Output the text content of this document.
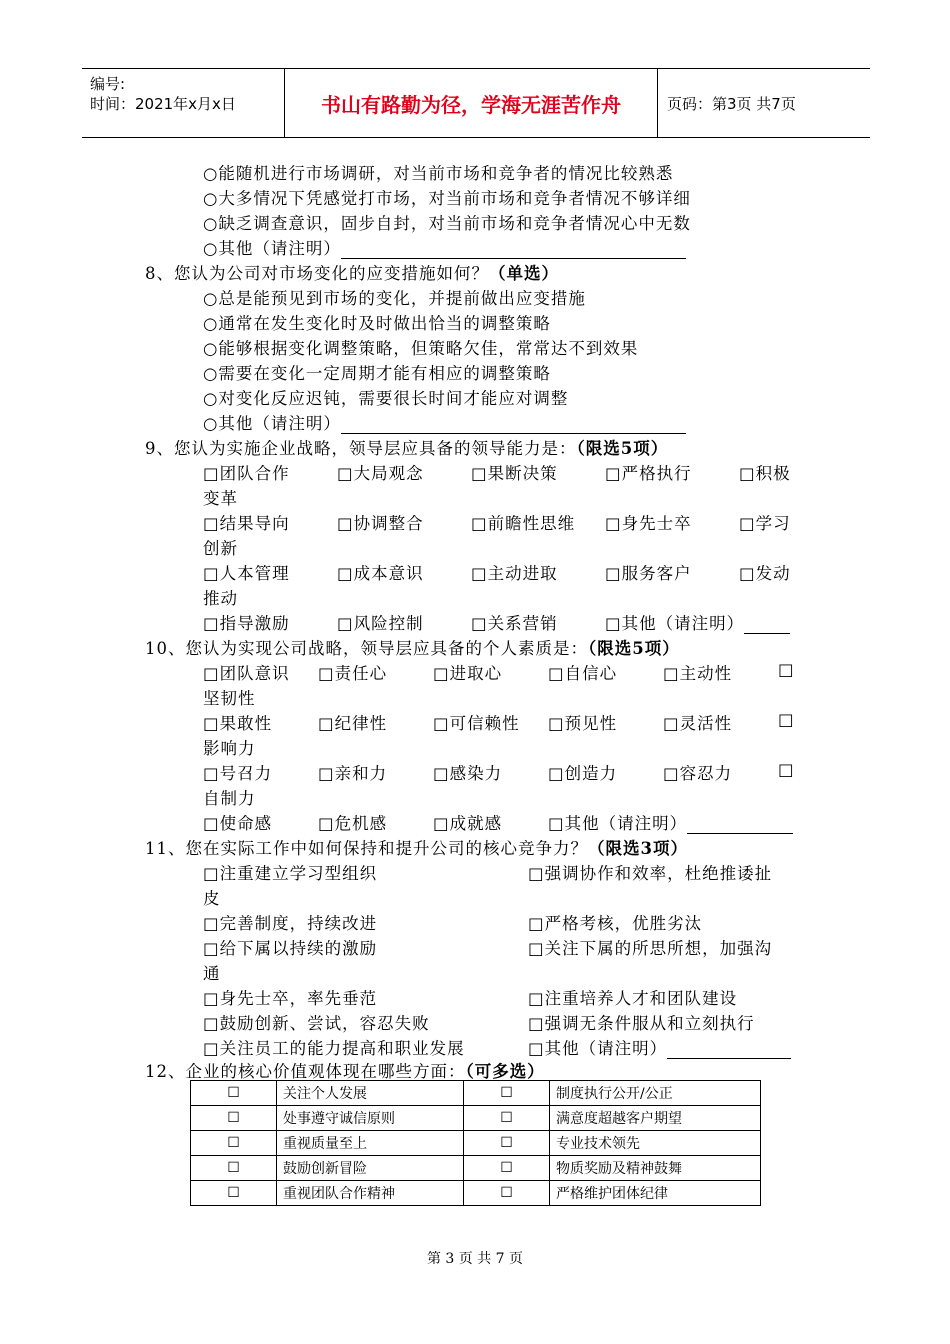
编号:
时间：2021年x月x日	书山有路勤为径，学海无涯苦作舟	页码：第3页 共7页
○能随机进行市场调研，对当前市场和竞争者的情况比较熟悉
○大多情况下凭感觉打市场，对当前市场和竞争者情况不够详细
○缺乏调查意识，固步自封，对当前市场和竞争者情况心中无数
○其他（请注明）
8、您认为公司对市场变化的应变措施如何？（单选）
○总是能预见到市场的变化，并提前做出应变措施
○通常在发生变化时及时做出恰当的调整策略
○能够根据变化调整策略，但策略欠佳，常常达不到效果
○需要在变化一定周期才能有相应的调整策略
○对变化反应迟钝，需要很长时间才能应对调整
○其他（请注明）
9、您认为实施企业战略，领导层应具备的领导能力是：（限选5项）
□团队合作	□大局观念	□果断决策	□严格执行	□积极
变革
□结果导向	□协调整合	□前瞻性思维 □身先士卒	□学习
创新
□人本管理	□成本意识	□主动进取	□服务客户	□发动
推动
□指导激励	□风险控制	□关系营销	□其他（请注明）
10、您认为实现公司战略，领导层应具备的个人素质是：（限选5项）
□团队意识 □责任心	□进取心	□自信心	□主动性	□
坚韧性
□果敢性	□纪律性	□可信赖性 □预见性	□灵活性	□
影响力
□号召力	□亲和力	□感染力	□创造力	□容忍力	□
自制力
□使命感	□危机感	□成就感	□其他（请注明）
11、您在实际工作中如何保持和提升公司的核心竞争力？（限选3项）
□注重建立学习型组织	□强调协作和效率，杜绝推诿扯
皮
□完善制度，持续改进	□严格考核，优胜劣汰
□给下属以持续的激励	□关注下属的所思所想，加强沟
通
□身先士卒，率先垂范	□注重培养人才和团队建设
□鼓励创新、尝试，容忍失败	□强调无条件服从和立刻执行
□关注员工的能力提高和职业发展	□其他（请注明）
12、企业的核心价值观体现在哪些方面：（可多选）
☐	关注个人发展	☐	制度执行公开/公正
☐	处事遵守诚信原则	☐	满意度超越客户期望
☐	重视质量至上	☐	专业技术领先
☐	鼓励创新冒险	☐	物质奖励及精神鼓舞
☐	重视团队合作精神	☐	严格维护团体纪律
第 3 页 共 7 页
